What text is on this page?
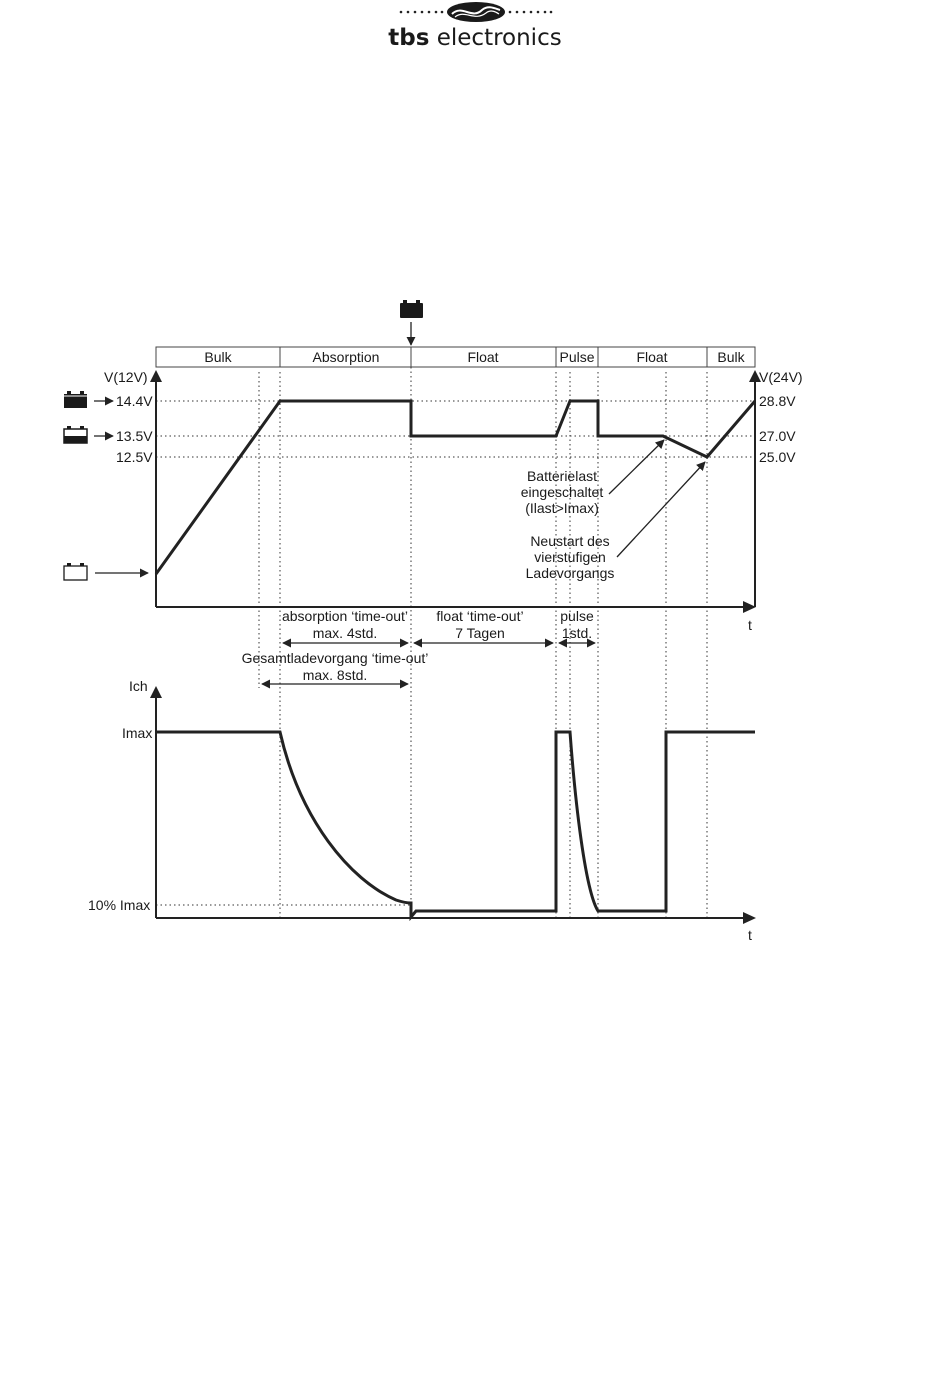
tbs electronics
Bulk	Absorption	Float	Pulse	Float	Bulk
V(12V)	V(24V)
t
14.4V
13.5V
12.5V
28.8V
27.0V
25.0V
Batterielast
eingeschaltet
(Ilast>Imax)
Neustart des
vierstufigen
Ladevorgangs
absorption ‘time-out’
max. 4std.
float ‘time-out’
7 Tagen
pulse
1std.
Gesamtladevorgang ‘time-out’
max. 8std.
Ich
Imax
10% Imax
t
